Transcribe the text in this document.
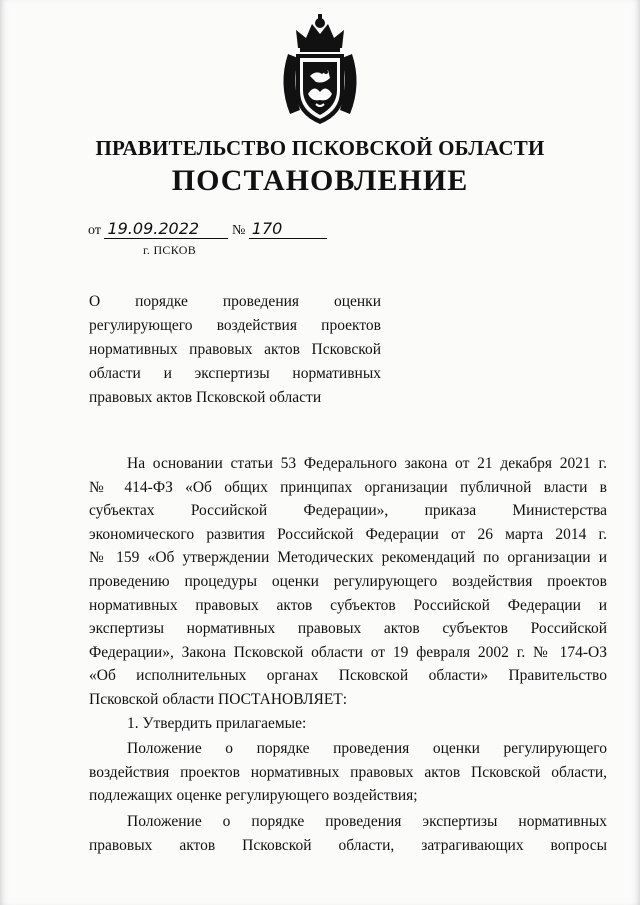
ПРАВИТЕЛЬСТВО ПСКОВСКОЙ ОБЛАСТИ
ПОСТАНОВЛЕНИЕ
от 19.09.2022 № 170
г. ПСКОВ
О порядке проведения оценки
регулирующего воздействия проектов
нормативных правовых актов Псковской
области и экспертизы нормативных
правовых актов Псковской области
На основании статьи 53 Федерального закона от 21 декабря 2021 г.
№ 414-ФЗ «Об общих принципах организации публичной власти в
субъектах Российской Федерации», приказа Министерства
экономического развития Российской Федерации от 26 марта 2014 г.
№ 159 «Об утверждении Методических рекомендаций по организации и
проведению процедуры оценки регулирующего воздействия проектов
нормативных правовых актов субъектов Российской Федерации и
экспертизы нормативных правовых актов субъектов Российской
Федерации», Закона Псковской области от 19 февраля 2002 г. № 174-ОЗ
«Об исполнительных органах Псковской области» Правительство
Псковской области ПОСТАНОВЛЯЕТ:
1. Утвердить прилагаемые:
Положение о порядке проведения оценки регулирующего
воздействия проектов нормативных правовых актов Псковской области,
подлежащих оценке регулирующего воздействия;
Положение о порядке проведения экспертизы нормативных
правовых актов Псковской области, затрагивающих вопросы
